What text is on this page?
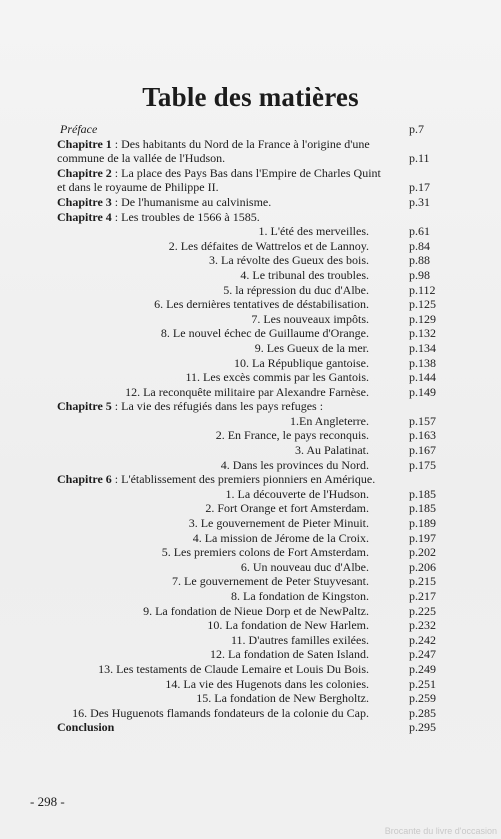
Table des matières
Préface	p.7
Chapitre 1 : Des habitants du Nord de la France à l'origine d'une
commune de la vallée de l'Hudson.	p.11
Chapitre 2 : La place des Pays Bas dans l'Empire de Charles Quint
et dans le royaume de Philippe II.	p.17
Chapitre 3 : De l'humanisme au calvinisme.	p.31
Chapitre 4 : Les troubles de 1566 à 1585.
1. L'été des merveilles.	p.61
2. Les défaites de Wattrelos et de Lannoy.	p.84
3. La révolte des Gueux des bois.	p.88
4. Le tribunal des troubles.	p.98
5. la répression du duc d'Albe.	p.112
6. Les dernières tentatives de déstabilisation.	p.125
7. Les nouveaux impôts.	p.129
8. Le nouvel échec de Guillaume d'Orange.	p.132
9. Les Gueux de la mer.	p.134
10. La République gantoise.	p.138
11. Les excès commis par les Gantois.	p.144
12. La reconquête militaire par Alexandre Farnèse.	p.149
Chapitre 5 : La vie des réfugiés dans les pays refuges :
1.En Angleterre.	p.157
2. En France, le pays reconquis.	p.163
3. Au Palatinat.	p.167
4. Dans les provinces du Nord.	p.175
Chapitre 6 : L'établissement des premiers pionniers en Amérique.
1. La découverte de l'Hudson.	p.185
2. Fort Orange et fort Amsterdam.	p.185
3. Le gouvernement de Pieter Minuit.	p.189
4. La mission de Jérome de la Croix.	p.197
5. Les premiers colons de Fort Amsterdam.	p.202
6. Un nouveau duc d'Albe.	p.206
7. Le gouvernement de Peter Stuyvesant.	p.215
8. La fondation de Kingston.	p.217
9. La fondation de Nieue Dorp et de NewPaltz.	p.225
10. La fondation de New Harlem.	p.232
11. D'autres familles exilées.	p.242
12. La fondation de Saten Island.	p.247
13. Les testaments de Claude Lemaire et Louis Du Bois.	p.249
14. La vie des Hugenots dans les colonies.	p.251
15. La fondation de New Bergholtz.	p.259
16. Des Huguenots flamands fondateurs de la colonie du Cap.	p.285
Conclusion	p.295
- 298 -
Brocante du livre d'occasion
